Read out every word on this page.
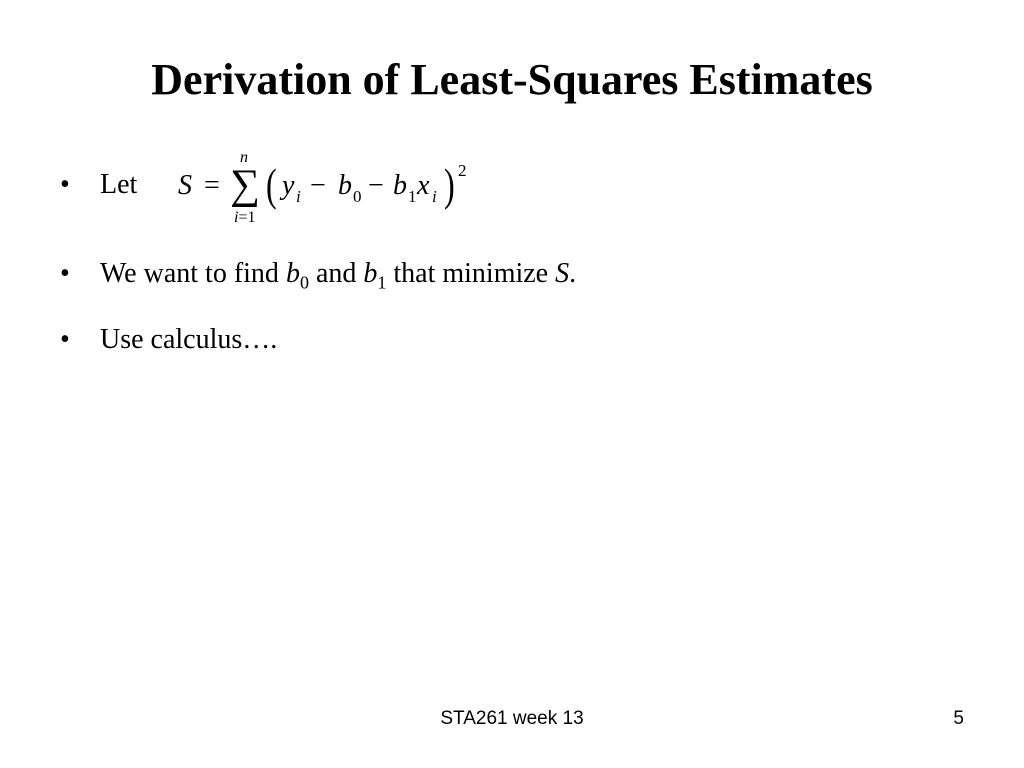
Derivation of Least-Squares Estimates
• Let
• We want to find $b_0$ and $b_1$ that minimize S.
• Use calculus….
S =
n
∑
i=1
( y i − b 0 − b 1 x i ) 2
STA261 week 13	5
